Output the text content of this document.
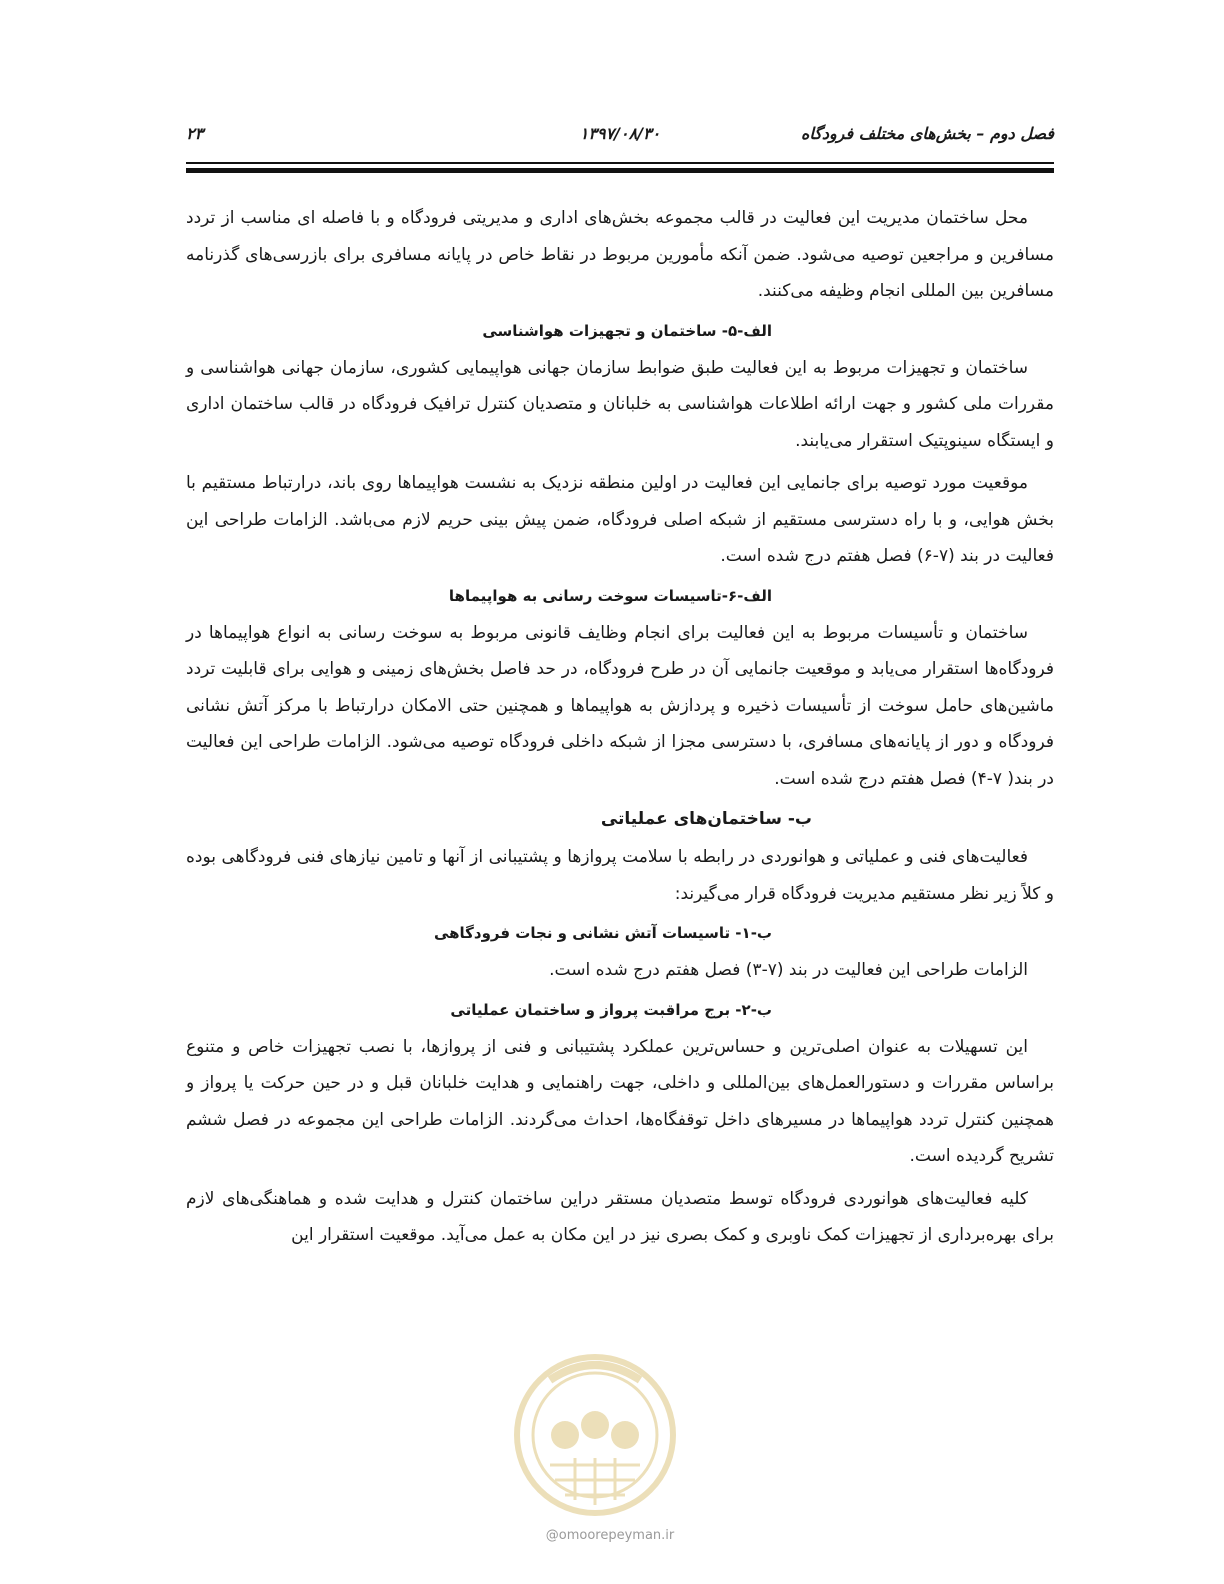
فصل دوم – بخش‌های مختلف فرودگاه
۱۳۹۷/۰۸/۳۰
۲۳

محل ساختمان مدیریت این فعالیت در قالب مجموعه بخش‌های اداری و مدیریتی فرودگاه و با فاصله ای مناسب از تردد مسافرین و مراجعین توصیه می‌شود. ضمن آنکه مأمورین مربوط در نقاط خاص در پایانه مسافری برای بازرسی‌های گذرنامه مسافرین بین المللی انجام وظیفه می‌کنند.

الف-۵- ساختمان و تجهیزات هواشناسی

ساختمان و تجهیزات مربوط به این فعالیت طبق ضوابط سازمان جهانی هواپیمایی کشوری، سازمان جهانی هواشناسی و مقررات ملی کشور و جهت ارائه اطلاعات هواشناسی به خلبانان و متصدیان کنترل ترافیک فرودگاه در قالب ساختمان اداری و ایستگاه سینوپتیک استقرار می‌یابند.

موقعیت مورد توصیه برای جانمایی این فعالیت در اولین منطقه نزدیک به نشست هواپیماها روی باند، درارتباط مستقیم با بخش هوایی، و با راه دسترسی مستقیم از شبکه اصلی فرودگاه، ضمن پیش بینی حریم لازم می‌باشد. الزامات طراحی این فعالیت در بند (۷-۶) فصل هفتم درج شده است.

الف-۶-تاسیسات سوخت رسانی به هواپیماها

ساختمان و تأسیسات مربوط به این فعالیت برای انجام وظایف قانونی مربوط به سوخت رسانی به انواع هواپیماها در فرودگاه‌ها استقرار می‌یابد و موقعیت جانمایی آن در طرح فرودگاه، در حد فاصل بخش‌های زمینی و هوایی برای قابلیت تردد ماشین‌های حامل سوخت از تأسیسات ذخیره و پردازش به هواپیماها و همچنین حتی الامکان درارتباط با مرکز آتش نشانی فرودگاه و دور از پایانه‌های مسافری، با دسترسی مجزا از شبکه داخلی فرودگاه توصیه می‌شود. الزامات طراحی این فعالیت در بند( ۷-۴) فصل هفتم درج شده است.

ب- ساختمان‌های عملیاتی

فعالیت‌های فنی و عملیاتی و هوانوردی در رابطه با سلامت پروازها و پشتیبانی از آنها و تامین نیازهای فنی فرودگاهی بوده و کلاً زیر نظر مستقیم مدیریت فرودگاه قرار می‌گیرند:

ب-۱- تاسیسات آتش نشانی و نجات فرودگاهی

الزامات طراحی این فعالیت در بند (۷-۳) فصل هفتم درج شده است.

ب-۲- برج مراقبت پرواز و ساختمان عملیاتی

این تسهیلات به عنوان اصلی‌ترین و حساس‌ترین عملکرد پشتیبانی و فنی از پروازها، با نصب تجهیزات خاص و متنوع براساس مقررات و دستورالعمل‌های بین‌المللی و داخلی، جهت راهنمایی و هدایت خلبانان قبل و در حین حرکت یا پرواز و همچنین کنترل تردد هواپیماها در مسیرهای داخل توقفگاه‌ها، احداث می‌گردند. الزامات طراحی این مجموعه در فصل ششم تشریح گردیده است.

کلیه فعالیت‌های هوانوردی فرودگاه توسط متصدیان مستقر دراین ساختمان کنترل و هدایت شده و هماهنگی‌های لازم برای بهره‌برداری از تجهیزات کمک ناوبری و کمک بصری نیز در این مکان به عمل می‌آید. موقعیت استقرار این

@omoorepeyman.ir
